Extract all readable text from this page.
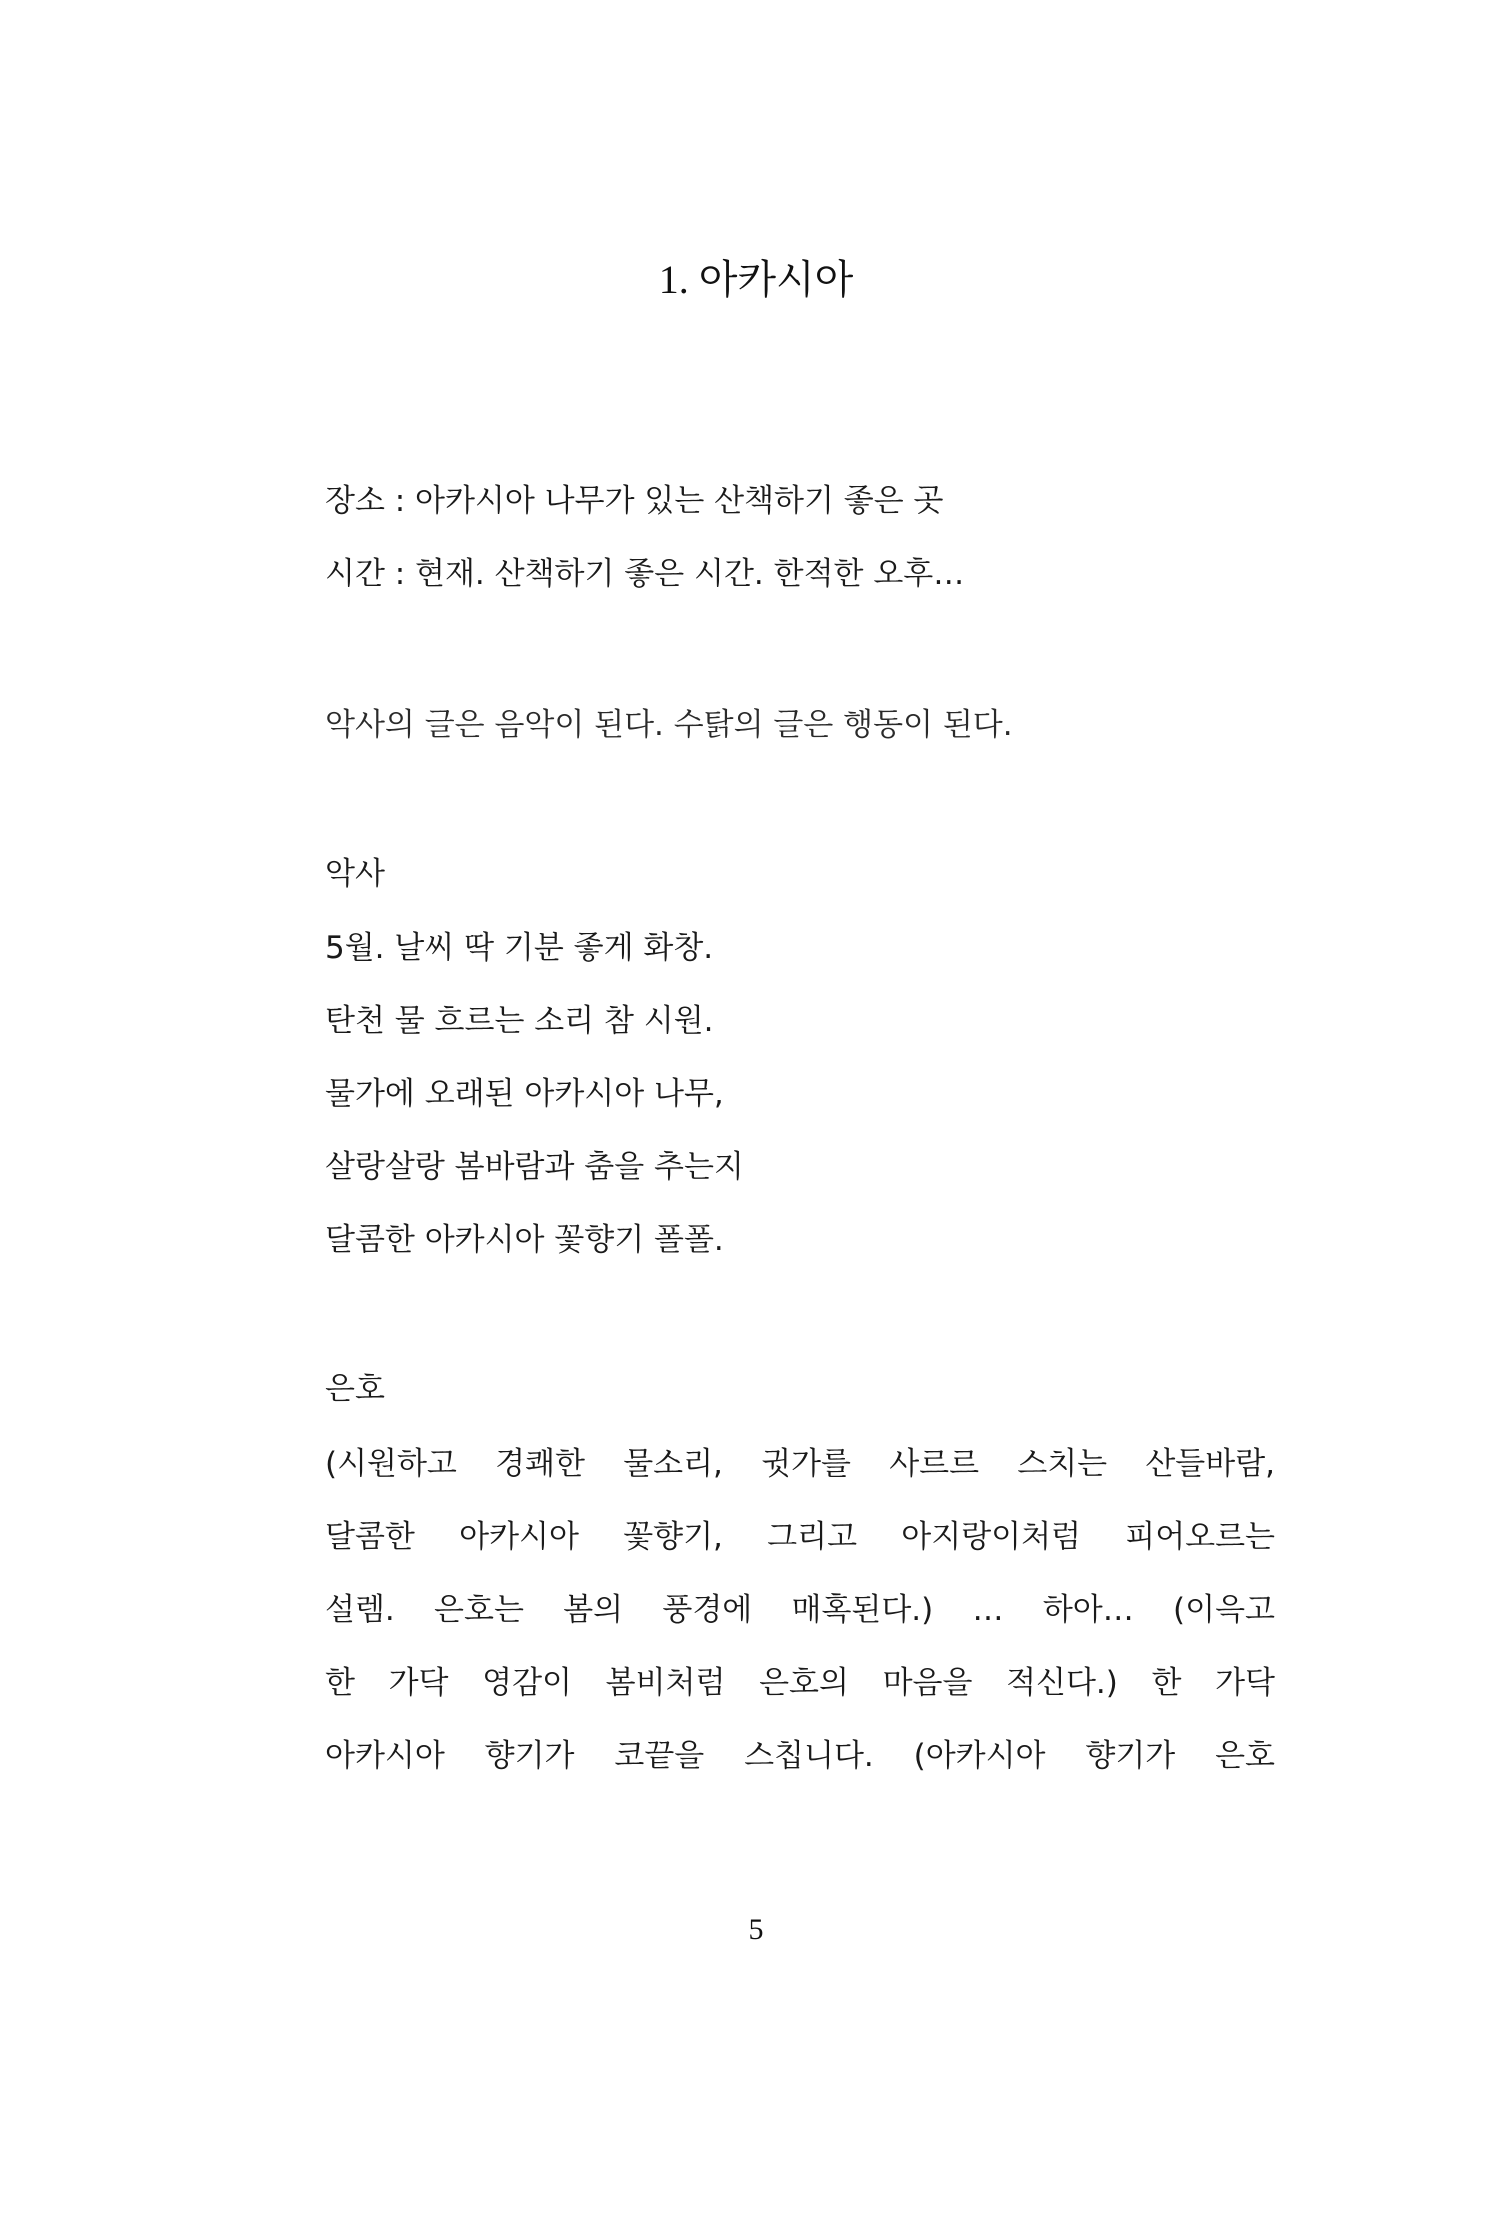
1. 아카시아
장소 : 아카시아 나무가 있는 산책하기 좋은 곳
시간 : 현재. 산책하기 좋은 시간. 한적한 오후…
악사의 글은 음악이 된다. 수탉의 글은 행동이 된다.
악사
5월. 날씨 딱 기분 좋게 화창.
탄천 물 흐르는 소리 참 시원.
물가에 오래된 아카시아 나무,
살랑살랑 봄바람과 춤을 추는지
달콤한 아카시아 꽃향기 폴폴.
은호
(시원하고 경쾌한 물소리, 귓가를 사르르 스치는 산들바람,
달콤한 아카시아 꽃향기, 그리고 아지랑이처럼 피어오르는
설렘. 은호는 봄의 풍경에 매혹된다.) … 하아… (이윽고
한 가닥 영감이 봄비처럼 은호의 마음을 적신다.) 한 가닥
아카시아 향기가 코끝을 스칩니다. (아카시아 향기가 은호
5
